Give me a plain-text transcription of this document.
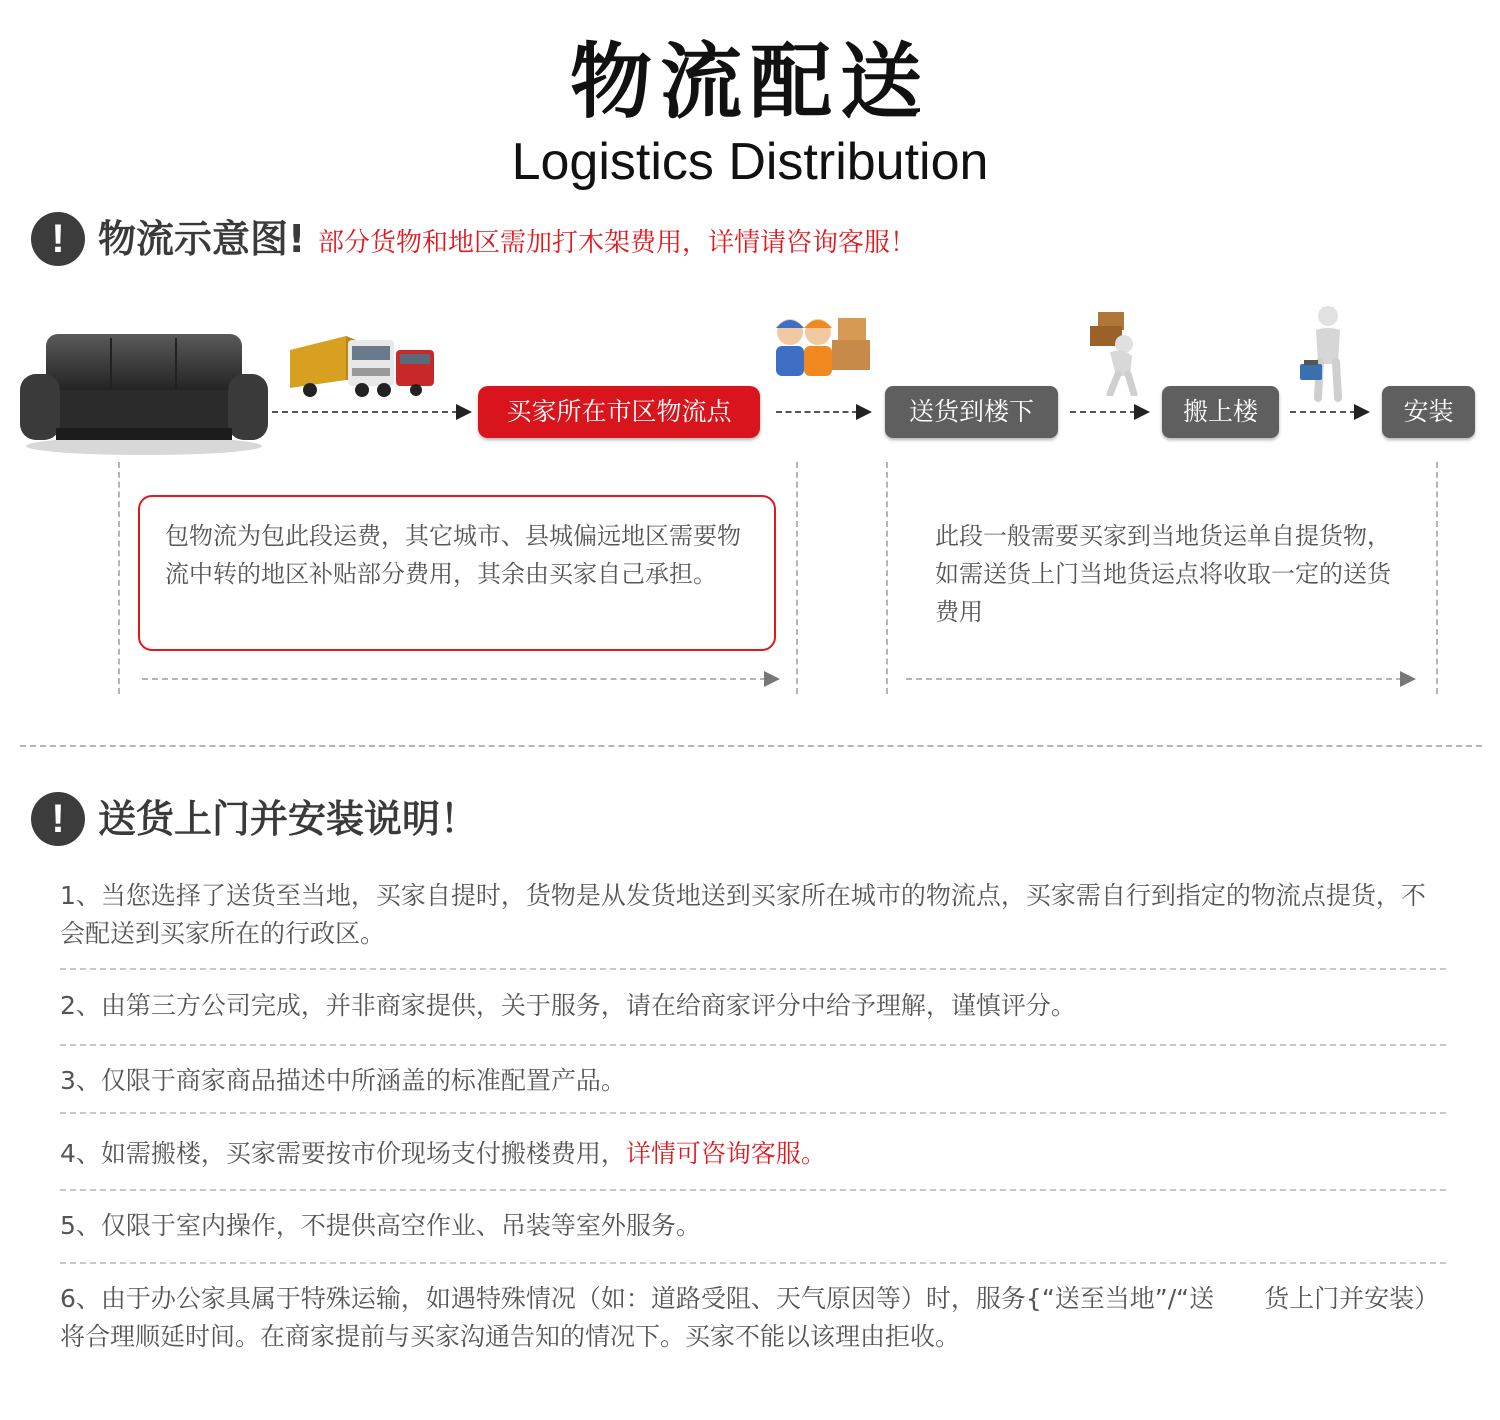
物流配送
Logistics Distribution
! 物流示意图! 部分货物和地区需加打木架费用，详情请咨询客服！
买家所在市区物流点	送货到楼下	搬上楼	安装
包物流为包此段运费，其它城市、县城偏远地区需要物流中转的地区补贴部分费用，其余由买家自己承担。
此段一般需要买家到当地货运单自提货物，如需送货上门当地货运点将收取一定的送货费用
! 送货上门并安装说明！
1、当您选择了送货至当地，买家自提时，货物是从发货地送到买家所在城市的物流点，买家需自行到指定的物流点提货，不会配送到买家所在的行政区。
2、由第三方公司完成，并非商家提供，关于服务，请在给商家评分中给予理解，谨慎评分。
3、仅限于商家商品描述中所涵盖的标准配置产品。
4、如需搬楼，买家需要按市价现场支付搬楼费用，详情可咨询客服。
5、仅限于室内操作，不提供高空作业、吊装等室外服务。
6、由于办公家具属于特殊运输，如遇特殊情况（如：道路受阻、天气原因等）时，服务{“送至当地”/“送　　货上门并安装）将合理顺延时间。在商家提前与买家沟通告知的情况下。买家不能以该理由拒收。
